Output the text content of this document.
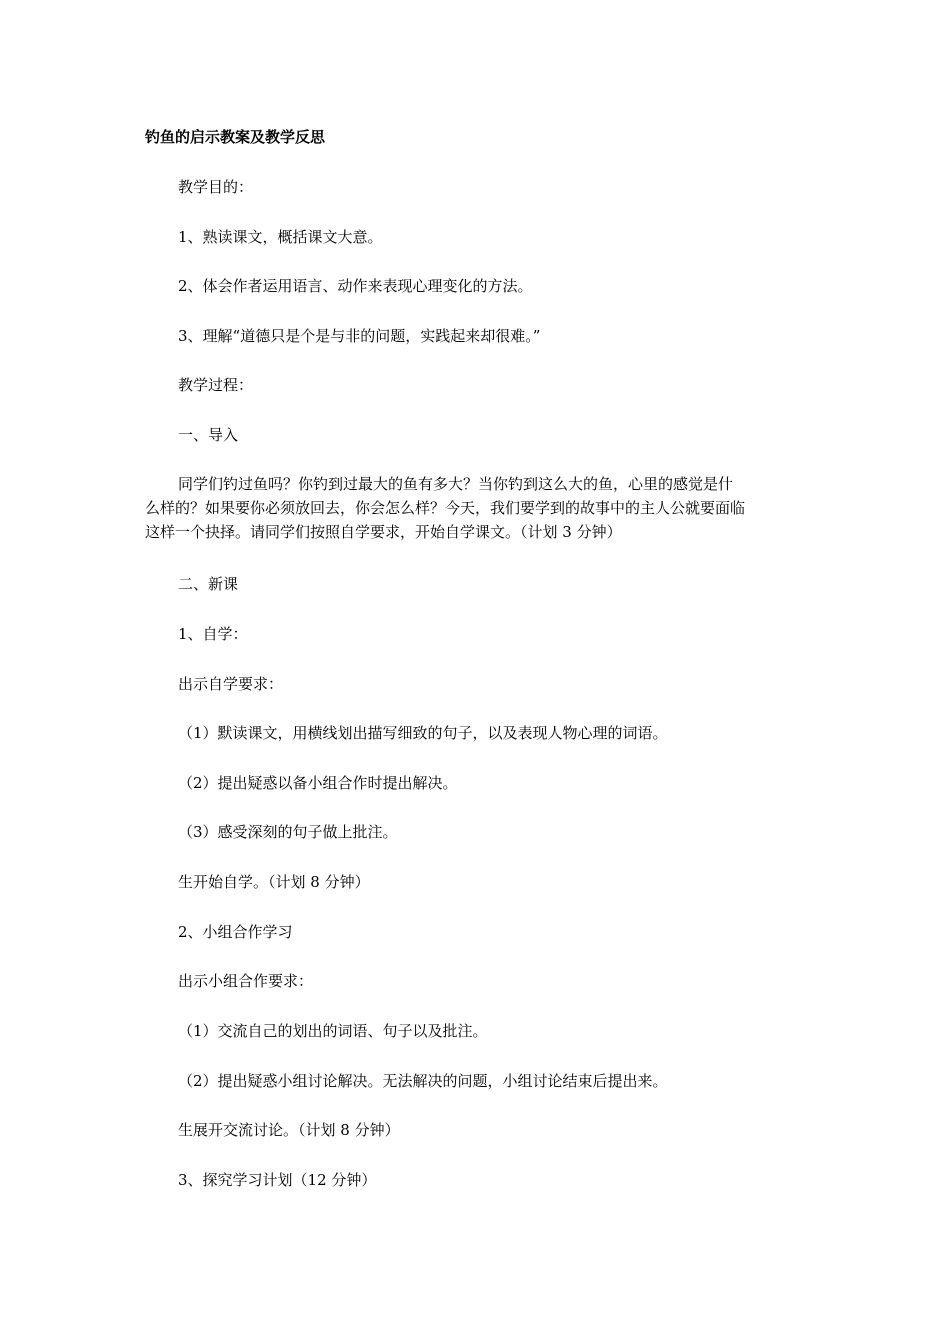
钓鱼的启示教案及教学反思
教学目的：
1、熟读课文，概括课文大意。
2、体会作者运用语言、动作来表现心理变化的方法。
3、理解“道德只是个是与非的问题，实践起来却很难。”
教学过程：
一、导入
同学们钓过鱼吗？你钓到过最大的鱼有多大？当你钓到这么大的鱼，心里的感觉是什
么样的？如果要你必须放回去，你会怎么样？今天，我们要学到的故事中的主人公就要面临
这样一个抉择。请同学们按照自学要求，开始自学课文。（计划 3 分钟）
二、新课
1、自学：
出示自学要求：
（1）默读课文，用横线划出描写细致的句子，以及表现人物心理的词语。
（2）提出疑惑以备小组合作时提出解决。
（3）感受深刻的句子做上批注。
生开始自学。（计划 8 分钟）
2、小组合作学习
出示小组合作要求：
（1）交流自己的划出的词语、句子以及批注。
（2）提出疑惑小组讨论解决。无法解决的问题，小组讨论结束后提出来。
生展开交流讨论。（计划 8 分钟）
3、探究学习计划（12 分钟）
